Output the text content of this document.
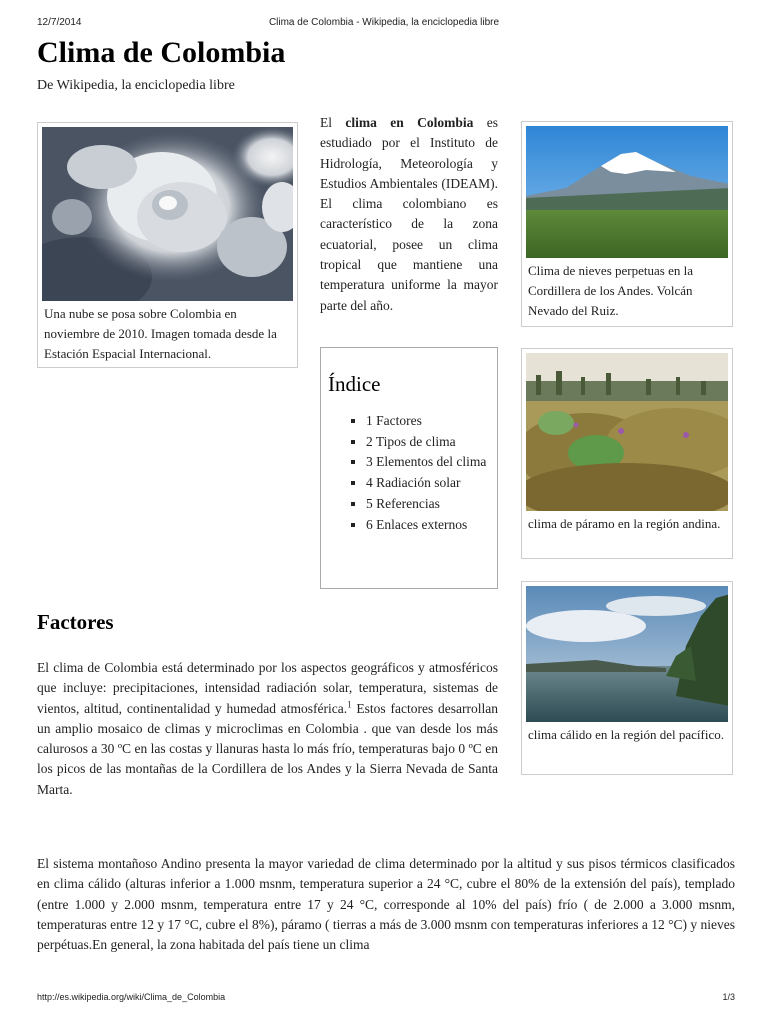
12/7/2014	Clima de Colombia - Wikipedia, la enciclopedia libre
Clima de Colombia
De Wikipedia, la enciclopedia libre
Una nube se posa sobre Colombia en noviembre de 2010. Imagen tomada desde la Estación Espacial Internacional.

El clima en Colombia es estudiado por el Instituto de Hidrología, Meteorología y Estudios Ambientales (IDEAM). El clima colombiano es característico de la zona ecuatorial, posee un clima tropical que mantiene una temperatura uniforme la mayor parte del año.

Clima de nieves perpetuas en la Cordillera de los Andes. Volcán Nevado del Ruiz.
Índice
▪ 1 Factores
▪ 2 Tipos de clima
▪ 3 Elementos del clima
▪ 4 Radiación solar
▪ 5 Referencias
▪ 6 Enlaces externos	clima de páramo en la región andina.
clima cálido en la región del pacífico.
Factores

El clima de Colombia está determinado por los aspectos geográficos y atmosféricos que incluye: precipitaciones, intensidad radiación solar, temperatura, sistemas de vientos, altitud, continentalidad y humedad atmosférica.$^1$ Estos factores desarrollan un amplio mosaico de climas y microclimas en Colombia . que van desde los más calurosos a 30 ºC en las costas y llanuras hasta lo más frío, temperaturas bajo 0 ºC en los picos de las montañas de la Cordillera de los Andes y la Sierra Nevada de Santa Marta.

El sistema montañoso Andino presenta la mayor variedad de clima determinado por la altitud y sus pisos térmicos clasificados en clima cálido (alturas inferior a 1.000 msnm, temperatura superior a 24 °C, cubre el 80% de la extensión del país), templado (entre 1.000 y 2.000 msnm, temperatura entre 17 y 24 °C, corresponde al 10% del país) frío ( de 2.000 a 3.000 msnm, temperaturas entre 12 y 17 °C, cubre el 8%), páramo ( tierras a más de 3.000 msnm con temperaturas inferiores a 12 °C) y nieves perpétuas.En general, la zona habitada del país tiene un clima

http://es.wikipedia.org/wiki/Clima_de_Colombia	1/3
